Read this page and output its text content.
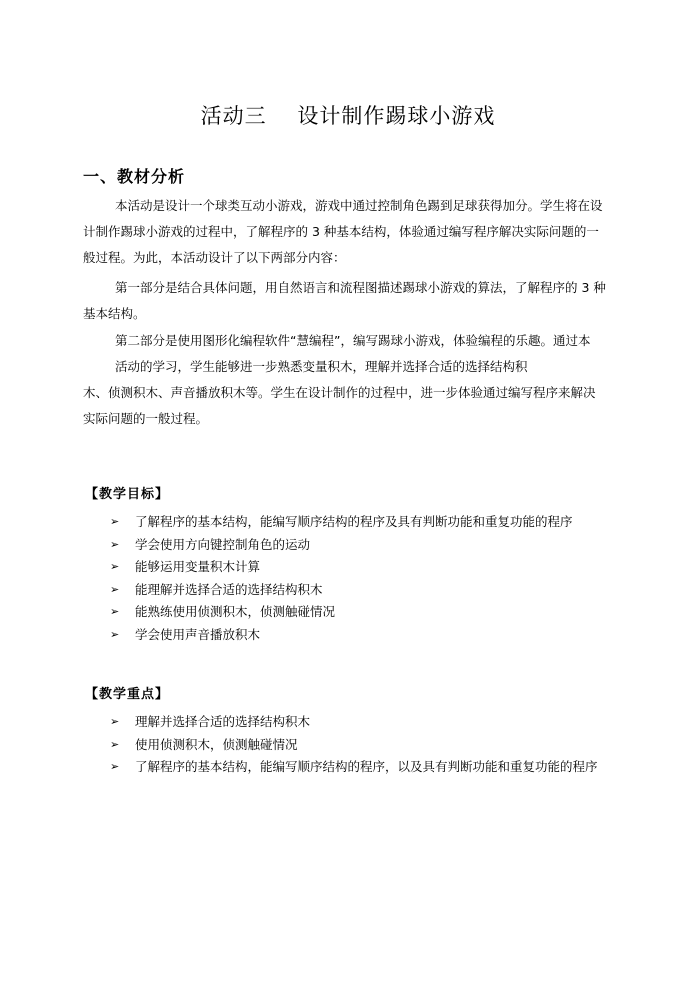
活动三    设计制作踢球小游戏
一、教材分析
本活动是设计一个球类互动小游戏，游戏中通过控制角色踢到足球获得加分。学生将在设
计制作踢球小游戏的过程中，了解程序的 3 种基本结构，体验通过编写程序解决实际问题的一
般过程。为此，本活动设计了以下两部分内容：
第一部分是结合具体问题，用自然语言和流程图描述踢球小游戏的算法，了解程序的 3 种
基本结构。
第二部分是使用图形化编程软件“慧编程”，编写踢球小游戏，体验编程的乐趣。通过本
活动的学习，学生能够进一步熟悉变量积木，理解并选择合适的选择结构积
木、侦测积木、声音播放积木等。学生在设计制作的过程中，进一步体验通过编写程序来解决
实际问题的一般过程。
【教学目标】
➢ 了解程序的基本结构，能编写顺序结构的程序及具有判断功能和重复功能的程序
➢ 学会使用方向键控制角色的运动
➢ 能够运用变量积木计算
➢ 能理解并选择合适的选择结构积木
➢ 能熟练使用侦测积木，侦测触碰情况
➢ 学会使用声音播放积木
【教学重点】
➢ 理解并选择合适的选择结构积木
➢ 使用侦测积木，侦测触碰情况
➢ 了解程序的基本结构，能编写顺序结构的程序，以及具有判断功能和重复功能的程序
